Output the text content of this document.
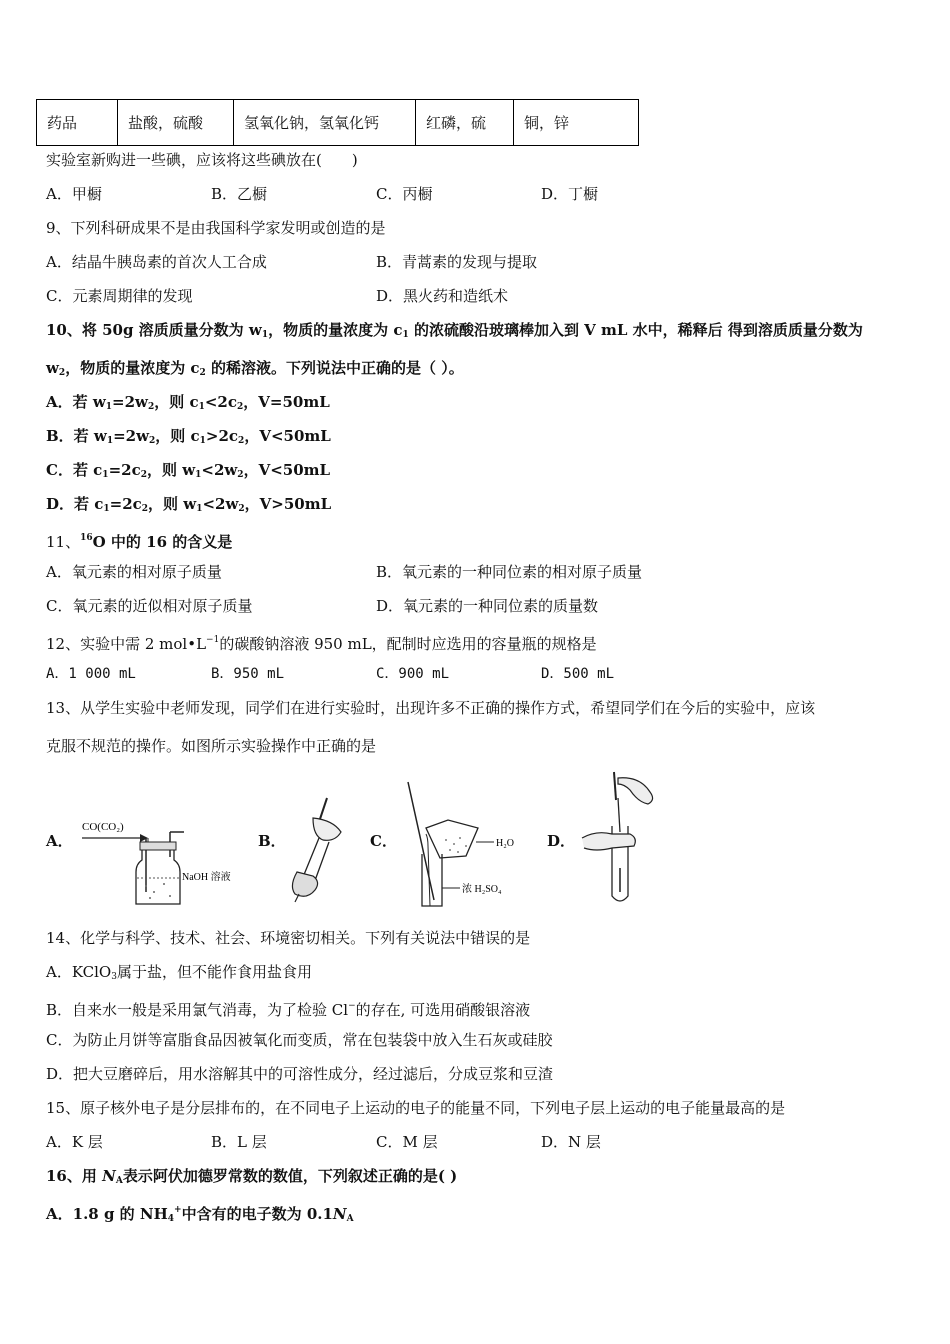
药品	盐酸，硫酸	氢氧化钠，氢氧化钙	红磷，硫	铜，锌
实验室新购进一些碘，应该将这些碘放在(　　)
A．甲橱	B．乙橱	C．丙橱	D．丁橱
9、下列科研成果不是由我国科学家发明或创造的是
A．结晶牛胰岛素的首次人工合成	B．青蒿素的发现与提取
C．元素周期律的发现	D．黑火药和造纸术
10、将 50g 溶质质量分数为 $w_1$，物质的量浓度为 $c_1$ 的浓硫酸沿玻璃棒加入到 V mL 水中，稀释后 得到溶质质量分数为
$w_2$，物质的量浓度为 $c_2$ 的稀溶液。下列说法中正确的是（ ）。
A．若 $w_1=2w_2$，则 $c_1<2c_2$，V=50mL
B．若 $w_1=2w_2$，则 $c_1>2c_2$，V<50mL
C．若 $c_1=2c_2$，则 $w_1<2w_2$，V<50mL
D．若 $c_1=2c_2$，则 $w_1<2w_2$，V>50mL
11、$^{16}$O 中的 16 的含义是
A．氧元素的相对原子质量	B．氧元素的一种同位素的相对原子质量
C．氧元素的近似相对原子质量	D．氧元素的一种同位素的质量数
12、实验中需 2 $mol•L^{-1}$的碳酸钠溶液 950 mL，配制时应选用的容量瓶的规格是
A．1 000 mL	B．950 mL	C．900 mL	D．500 mL
13、从学生实验中老师发现，同学们在进行实验时，出现许多不正确的操作方式，希望同学们在今后的实验中，应该
克服不规范的操作。如图所示实验操作中正确的是
A．	B．	C．	D．
CO(CO₂)
NaOH 溶液
H₂O
浓 H₂SO₄
14、化学与科学、技术、社会、环境密切相关。下列有关说法中错误的是
A．KClO$_3$属于盐，但不能作食用盐食用
B．自来水一般是采用氯气消毒，为了检验 Cl−的存在, 可选用硝酸银溶液
C．为防止月饼等富脂食品因被氧化而变质，常在包装袋中放入生石灰或硅胶
D．把大豆磨碎后，用水溶解其中的可溶性成分，经过滤后，分成豆浆和豆渣
15、原子核外电子是分层排布的，在不同电子上运动的电子的能量不同，下列电子层上运动的电子能量最高的是
A．K 层	B．L 层	C．M 层	D．N 层
16、用 $N_A$表示阿伏加德罗常数的数值，下列叙述正确的是( )
A．1.8 g 的 $NH_4^+$中含有的电子数为 $0.1N_A$
